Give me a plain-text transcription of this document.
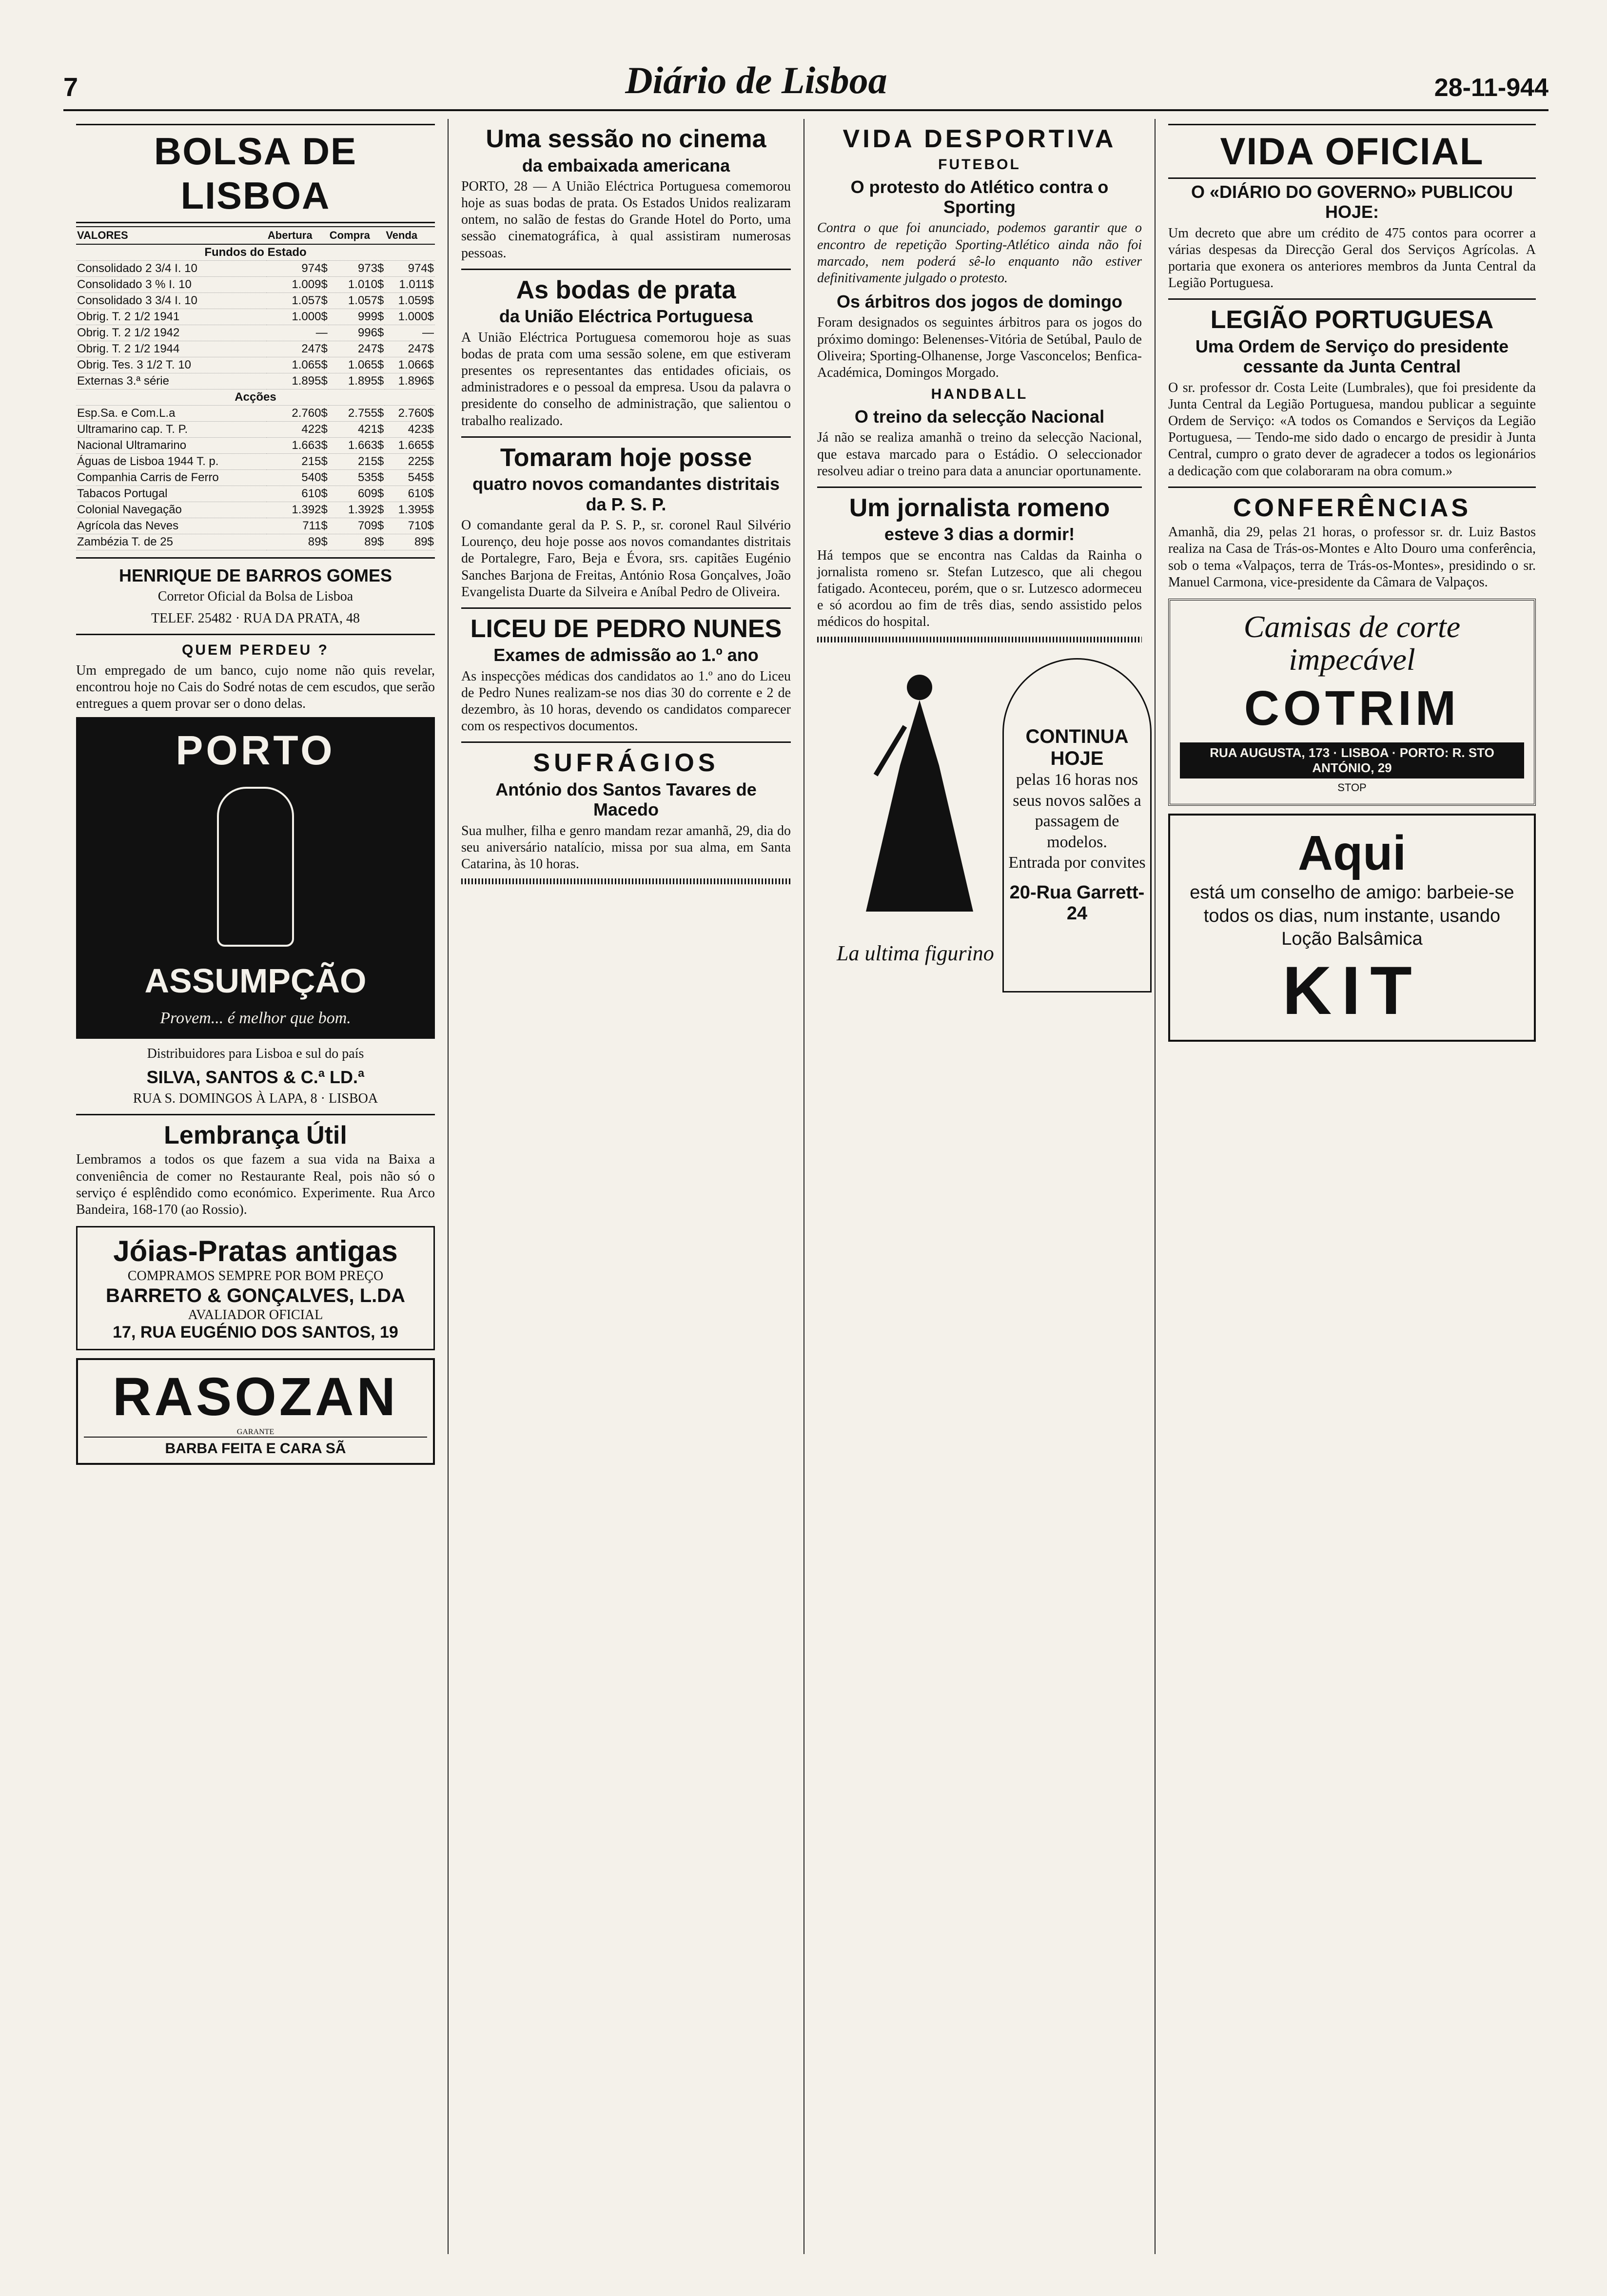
7	Diário de Lisboa	28-11-944
BOLSA DE LISBOA
VALORES	Abertura	Compra	Venda
Fundos do Estado			
Consolidado 2 3/4 I. 10	974$	973$	974$
Consolidado 3 % I. 10	1.009$	1.010$	1.011$
Consolidado 3 3/4 I. 10	1.057$	1.057$	1.059$
Obrig. T. 2 1/2 1941	1.000$	999$	1.000$
Obrig. T. 2 1/2 1942	—	996$	—
Obrig. T. 2 1/2 1944	247$	247$	247$
Obrig. Tes. 3 1/2 T. 10	1.065$	1.065$	1.066$
Externas 3.ª série	1.895$	1.895$	1.896$
Acções			
Esp.Sa. e Com.L.a	2.760$	2.755$	2.760$
Ultramarino cap. T. P.	422$	421$	423$
Nacional Ultramarino	1.663$	1.663$	1.665$
Águas de Lisboa 1944 T. p.	215$	215$	225$
Companhia Carris de Ferro	540$	535$	545$
Tabacos Portugal	610$	609$	610$
Colonial Navegação	1.392$	1.392$	1.395$
Agrícola das Neves	711$	709$	710$
Zambézia T. de 25	89$	89$	89$
HENRIQUE DE BARROS GOMES

Corretor Oficial da Bolsa de Lisboa

TELEF. 25482 · RUA DA PRATA, 48

QUEM PERDEU ?

Um empregado de um banco, cujo nome não quis revelar, encontrou hoje no Cais do Sodré notas de cem escudos, que serão entregues a quem provar ser o dono delas.

PORTO
ASSUMPÇÃO
Provem... é melhor que bom.

Distribuidores para Lisboa e sul do país

SILVA, SANTOS & C.ª LD.ª

RUA S. DOMINGOS À LAPA, 8 · LISBOA

Lembrança Útil

Lembramos a todos os que fazem a sua vida na Baixa a conveniência de comer no Restaurante Real, pois não só o serviço é esplêndido como económico. Experimente. Rua Arco Bandeira, 168-170 (ao Rossio).

Jóias-Pratas antigas
COMPRAMOS SEMPRE POR BOM PREÇO
BARRETO & GONÇALVES, L.DA
AVALIADOR OFICIAL
17, RUA EUGÉNIO DOS SANTOS, 19
RASOZAN
GARANTE
BARBA FEITA E CARA SÃ
Uma sessão no cinema
da embaixada americana

PORTO, 28 — A União Eléctrica Portuguesa comemorou hoje as suas bodas de prata. Os Estados Unidos realizaram ontem, no salão de festas do Grande Hotel do Porto, uma sessão cinematográfica, à qual assistiram numerosas pessoas.

As bodas de prata
da União Eléctrica Portuguesa

A União Eléctrica Portuguesa comemorou hoje as suas bodas de prata com uma sessão solene, em que estiveram presentes os representantes das entidades oficiais, os administradores e o pessoal da empresa. Usou da palavra o presidente do conselho de administração, que salientou o trabalho realizado.

Tomaram hoje posse
quatro novos comandantes distritais da P. S. P.

O comandante geral da P. S. P., sr. coronel Raul Silvério Lourenço, deu hoje posse aos novos comandantes distritais de Portalegre, Faro, Beja e Évora, srs. capitães Eugénio Sanches Barjona de Freitas, António Rosa Gonçalves, João Evangelista Duarte da Silveira e Aníbal Pedro de Oliveira.

LICEU DE PEDRO NUNES
Exames de admissão ao 1.º ano

As inspecções médicas dos candidatos ao 1.º ano do Liceu de Pedro Nunes realizam-se nos dias 30 do corrente e 2 de dezembro, às 10 horas, devendo os candidatos comparecer com os respectivos documentos.

SUFRÁGIOS
António dos Santos Tavares de Macedo

Sua mulher, filha e genro mandam rezar amanhã, 29, dia do seu aniversário natalício, missa por sua alma, em Santa Catarina, às 10 horas.

VIDA DESPORTIVA
FUTEBOL
O protesto do Atlético contra o Sporting

Contra o que foi anunciado, podemos garantir que o encontro de repetição Sporting-Atlético ainda não foi marcado, nem poderá sê-lo enquanto não estiver definitivamente julgado o protesto.

Os árbitros dos jogos de domingo

Foram designados os seguintes árbitros para os jogos do próximo domingo: Belenenses-Vitória de Setúbal, Paulo de Oliveira; Sporting-Olhanense, Jorge Vasconcelos; Benfica-Académica, Domingos Morgado.

HANDBALL
O treino da selecção Nacional

Já não se realiza amanhã o treino da selecção Nacional, que estava marcado para o Estádio. O seleccionador resolveu adiar o treino para data a anunciar oportunamente.

Um jornalista romeno
esteve 3 dias a dormir!

Há tempos que se encontra nas Caldas da Rainha o jornalista romeno sr. Stefan Lutzesco, que ali chegou fatigado. Aconteceu, porém, que o sr. Lutzesco adormeceu e só acordou ao fim de três dias, sendo assistido pelos médicos do hospital.

CONTINUA HOJE
pelas 16 horas nos seus novos salões a passagem de modelos.
Entrada por convites
20-Rua Garrett-24
La ultima figurino
VIDA OFICIAL
O «DIÁRIO DO GOVERNO» PUBLICOU HOJE:

Um decreto que abre um crédito de 475 contos para ocorrer a várias despesas da Direcção Geral dos Serviços Agrícolas. A portaria que exonera os anteriores membros da Junta Central da Legião Portuguesa.

LEGIÃO PORTUGUESA
Uma Ordem de Serviço do presidente cessante da Junta Central

O sr. professor dr. Costa Leite (Lumbrales), que foi presidente da Junta Central da Legião Portuguesa, mandou publicar a seguinte Ordem de Serviço: «A todos os Comandos e Serviços da Legião Portuguesa, — Tendo-me sido dado o encargo de presidir à Junta Central, cumpro o grato dever de agradecer a todos os legionários a dedicação com que colaboraram na obra comum.»

CONFERÊNCIAS

Amanhã, dia 29, pelas 21 horas, o professor sr. dr. Luiz Bastos realiza na Casa de Trás-os-Montes e Alto Douro uma conferência, sob o tema «Valpaços, terra de Trás-os-Montes», presidindo o sr. Manuel Carmona, vice-presidente da Câmara de Valpaços.

Camisas de corte impecável
COTRIM
RUA AUGUSTA, 173 · LISBOA · PORTO: R. STO ANTÓNIO, 29
STOP
Aqui
está um conselho de amigo: barbeie-se todos os dias, num instante, usando Loção Balsâmica
KIT
